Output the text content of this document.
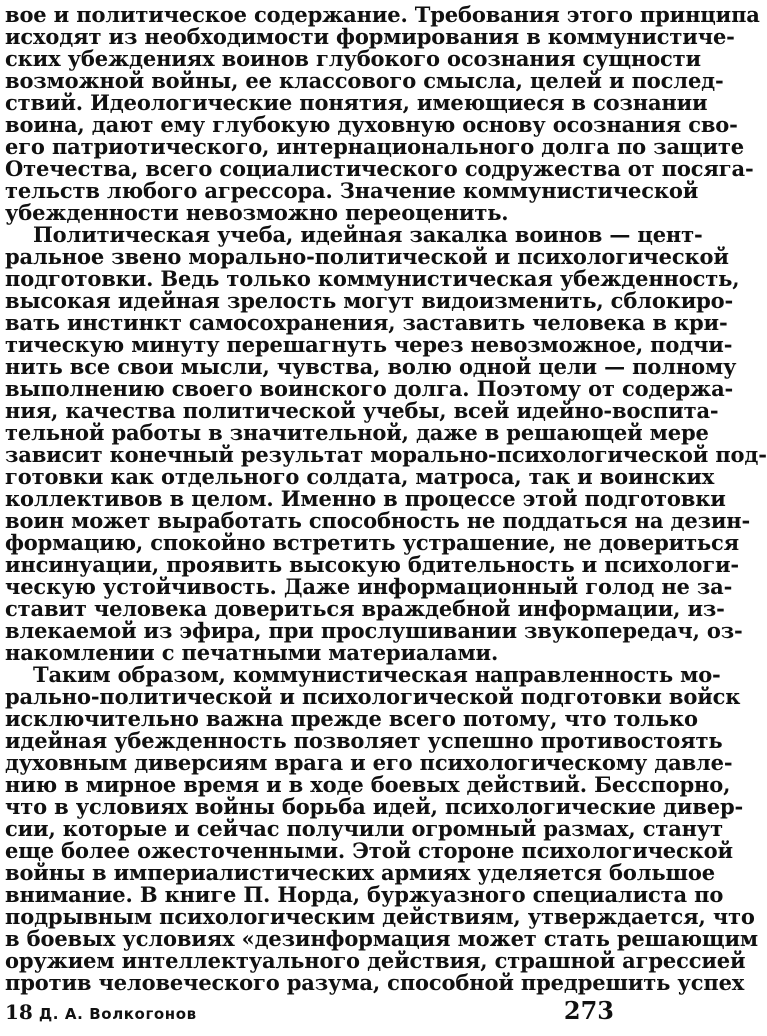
вое и политическое содержание. Требования этого принципа
исходят из необходимости формирования в коммунистиче-
ских убеждениях воинов глубокого осознания сущности
возможной войны, ее классового смысла, целей и послед-
ствий. Идеологические понятия, имеющиеся в сознании
воина, дают ему глубокую духовную основу осознания сво-
его патриотического, интернационального долга по защите
Отечества, всего социалистического содружества от посяга-
тельств любого агрессора. Значение коммунистической
убежденности невозможно переоценить.
Политическая учеба, идейная закалка воинов — цент-
ральное звено морально-политической и психологической
подготовки. Ведь только коммунистическая убежденность,
высокая идейная зрелость могут видоизменить, сблокиро-
вать инстинкт самосохранения, заставить человека в кри-
тическую минуту перешагнуть через невозможное, подчи-
нить все свои мысли, чувства, волю одной цели — полному
выполнению своего воинского долга. Поэтому от содержа-
ния, качества политической учебы, всей идейно-воспита-
тельной работы в значительной, даже в решающей мере
зависит конечный результат морально-психологической под-
готовки как отдельного солдата, матроса, так и воинских
коллективов в целом. Именно в процессе этой подготовки
воин может выработать способность не поддаться на дезин-
формацию, спокойно встретить устрашение, не довериться
инсинуации, проявить высокую бдительность и психологи-
ческую устойчивость. Даже информационный голод не за-
ставит человека довериться враждебной информации, из-
влекаемой из эфира, при прослушивании звукопередач, оз-
накомлении с печатными материалами.
Таким образом, коммунистическая направленность мо-
рально-политической и психологической подготовки войск
исключительно важна прежде всего потому, что только
идейная убежденность позволяет успешно противостоять
духовным диверсиям врага и его психологическому давле-
нию в мирное время и в ходе боевых действий. Бесспорно,
что в условиях войны борьба идей, психологические дивер-
сии, которые и сейчас получили огромный размах, станут
еще более ожесточенными. Этой стороне психологической
войны в империалистических армиях уделяется большое
внимание. В книге П. Норда, буржуазного специалиста по
подрывным психологическим действиям, утверждается, что
в боевых условиях «дезинформация может стать решающим
оружием интеллектуального действия, страшной агрессией
против человеческого разума, способной предрешить успех
18 Д. А. Волкогонов	273
